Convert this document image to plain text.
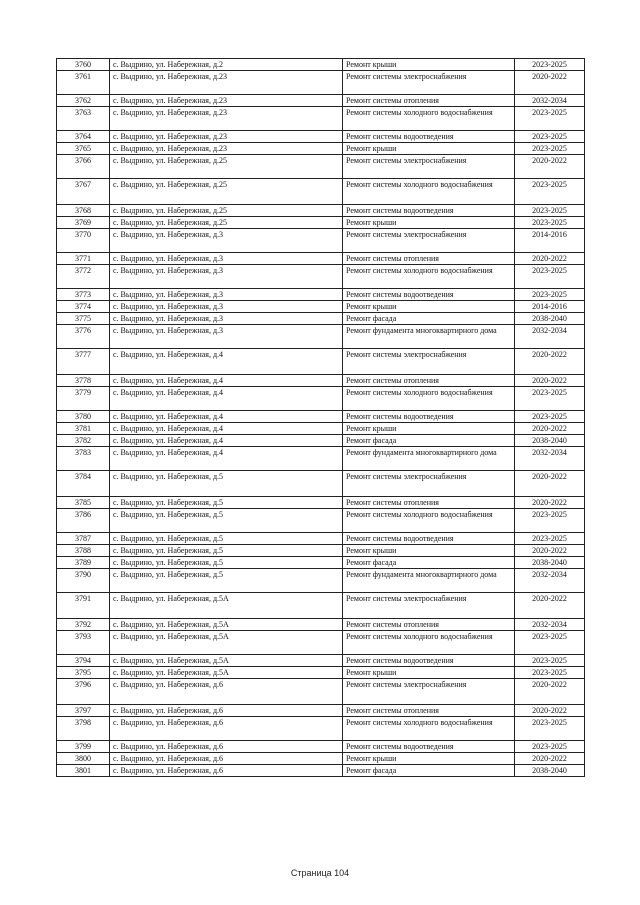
3760	с. Выдрино, ул. Набережная, д.2	Ремонт крыши	2023-2025
3761	с. Выдрино, ул. Набережная, д.23	Ремонт системы электроснабжения	2020-2022
3762	с. Выдрино, ул. Набережная, д.23	Ремонт системы отопления	2032-2034
3763	с. Выдрино, ул. Набережная, д.23	Ремонт системы холодного водоснабжения	2023-2025
3764	с. Выдрино, ул. Набережная, д.23	Ремонт системы водоотведения	2023-2025
3765	с. Выдрино, ул. Набережная, д.23	Ремонт крыши	2023-2025
3766	с. Выдрино, ул. Набережная, д.25	Ремонт системы электроснабжения	2020-2022
3767	с. Выдрино, ул. Набережная, д.25	Ремонт системы холодного водоснабжения	2023-2025
3768	с. Выдрино, ул. Набережная, д.25	Ремонт системы водоотведения	2023-2025
3769	с. Выдрино, ул. Набережная, д.25	Ремонт крыши	2023-2025
3770	с. Выдрино, ул. Набережная, д.3	Ремонт системы электроснабжения	2014-2016
3771	с. Выдрино, ул. Набережная, д.3	Ремонт системы отопления	2020-2022
3772	с. Выдрино, ул. Набережная, д.3	Ремонт системы холодного водоснабжения	2023-2025
3773	с. Выдрино, ул. Набережная, д.3	Ремонт системы водоотведения	2023-2025
3774	с. Выдрино, ул. Набережная, д.3	Ремонт крыши	2014-2016
3775	с. Выдрино, ул. Набережная, д.3	Ремонт фасада	2038-2040
3776	с. Выдрино, ул. Набережная, д.3	Ремонт фундамента многоквартирного дома	2032-2034
3777	с. Выдрино, ул. Набережная, д.4	Ремонт системы электроснабжения	2020-2022
3778	с. Выдрино, ул. Набережная, д.4	Ремонт системы отопления	2020-2022
3779	с. Выдрино, ул. Набережная, д.4	Ремонт системы холодного водоснабжения	2023-2025
3780	с. Выдрино, ул. Набережная, д.4	Ремонт системы водоотведения	2023-2025
3781	с. Выдрино, ул. Набережная, д.4	Ремонт крыши	2020-2022
3782	с. Выдрино, ул. Набережная, д.4	Ремонт фасада	2038-2040
3783	с. Выдрино, ул. Набережная, д.4	Ремонт фундамента многоквартирного дома	2032-2034
3784	с. Выдрино, ул. Набережная, д.5	Ремонт системы электроснабжения	2020-2022
3785	с. Выдрино, ул. Набережная, д.5	Ремонт системы отопления	2020-2022
3786	с. Выдрино, ул. Набережная, д.5	Ремонт системы холодного водоснабжения	2023-2025
3787	с. Выдрино, ул. Набережная, д.5	Ремонт системы водоотведения	2023-2025
3788	с. Выдрино, ул. Набережная, д.5	Ремонт крыши	2020-2022
3789	с. Выдрино, ул. Набережная, д.5	Ремонт фасада	2038-2040
3790	с. Выдрино, ул. Набережная, д.5	Ремонт фундамента многоквартирного дома	2032-2034
3791	с. Выдрино, ул. Набережная, д.5А	Ремонт системы электроснабжения	2020-2022
3792	с. Выдрино, ул. Набережная, д.5А	Ремонт системы отопления	2032-2034
3793	с. Выдрино, ул. Набережная, д.5А	Ремонт системы холодного водоснабжения	2023-2025
3794	с. Выдрино, ул. Набережная, д.5А	Ремонт системы водоотведения	2023-2025
3795	с. Выдрино, ул. Набережная, д.5А	Ремонт крыши	2023-2025
3796	с. Выдрино, ул. Набережная, д.6	Ремонт системы электроснабжения	2020-2022
3797	с. Выдрино, ул. Набережная, д.6	Ремонт системы отопления	2020-2022
3798	с. Выдрино, ул. Набережная, д.6	Ремонт системы холодного водоснабжения	2023-2025
3799	с. Выдрино, ул. Набережная, д.6	Ремонт системы водоотведения	2023-2025
3800	с. Выдрино, ул. Набережная, д.6	Ремонт крыши	2020-2022
3801	с. Выдрино, ул. Набережная, д.6	Ремонт фасада	2038-2040
Страница 104
